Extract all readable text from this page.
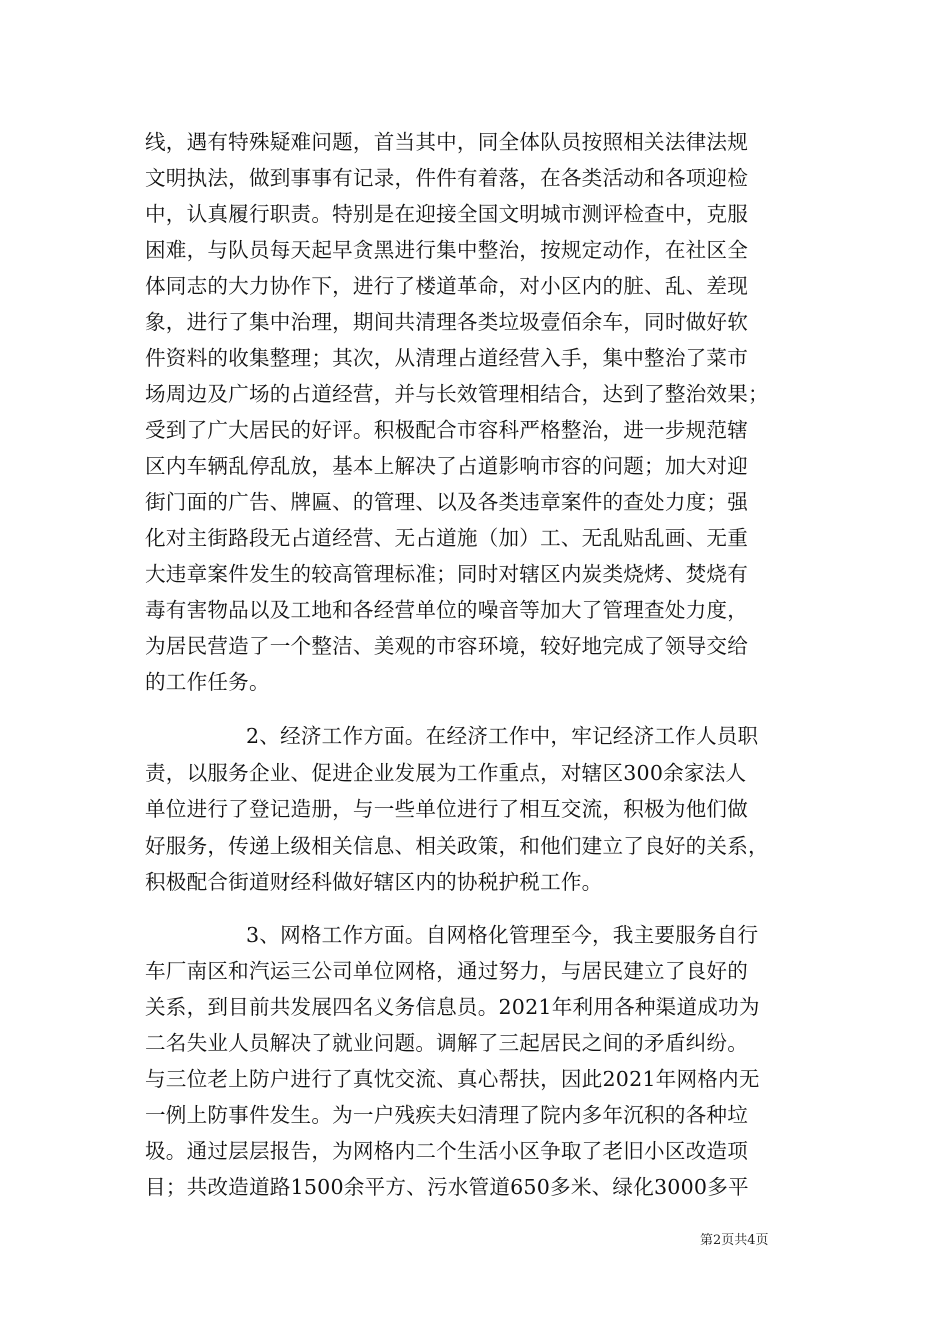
线，遇有特殊疑难问题，首当其中，同全体队员按照相关法律法规
文明执法，做到事事有记录，件件有着落，在各类活动和各项迎检
中，认真履行职责。特别是在迎接全国文明城市测评检查中，克服
困难，与队员每天起早贪黑进行集中整治，按规定动作，在社区全
体同志的大力协作下，进行了楼道革命，对小区内的脏、乱、差现
象，进行了集中治理，期间共清理各类垃圾壹佰余车，同时做好软
件资料的收集整理；其次，从清理占道经营入手，集中整治了菜市
场周边及广场的占道经营，并与长效管理相结合，达到了整治效果；
受到了广大居民的好评。积极配合市容科严格整治，进一步规范辖
区内车辆乱停乱放，基本上解决了占道影响市容的问题；加大对迎
街门面的广告、牌匾、的管理、以及各类违章案件的查处力度；强
化对主街路段无占道经营、无占道施（加）工、无乱贴乱画、无重
大违章案件发生的较高管理标准；同时对辖区内炭类烧烤、焚烧有
毒有害物品以及工地和各经营单位的噪音等加大了管理查处力度，
为居民营造了一个整洁、美观的市容环境，较好地完成了领导交给
的工作任务。
2、经济工作方面。在经济工作中，牢记经济工作人员职
责，以服务企业、促进企业发展为工作重点，对辖区300余家法人
单位进行了登记造册，与一些单位进行了相互交流，积极为他们做
好服务，传递上级相关信息、相关政策，和他们建立了良好的关系，
积极配合街道财经科做好辖区内的协税护税工作。
3、网格工作方面。自网格化管理至今，我主要服务自行
车厂南区和汽运三公司单位网格，通过努力，与居民建立了良好的
关系，到目前共发展四名义务信息员。2021年利用各种渠道成功为
二名失业人员解决了就业问题。调解了三起居民之间的矛盾纠纷。
与三位老上防户进行了真忱交流、真心帮扶，因此2021年网格内无
一例上防事件发生。为一户残疾夫妇清理了院内多年沉积的各种垃
圾。通过层层报告，为网格内二个生活小区争取了老旧小区改造项
目；共改造道路1500余平方、污水管道650多米、绿化3000多平
第2页共4页
